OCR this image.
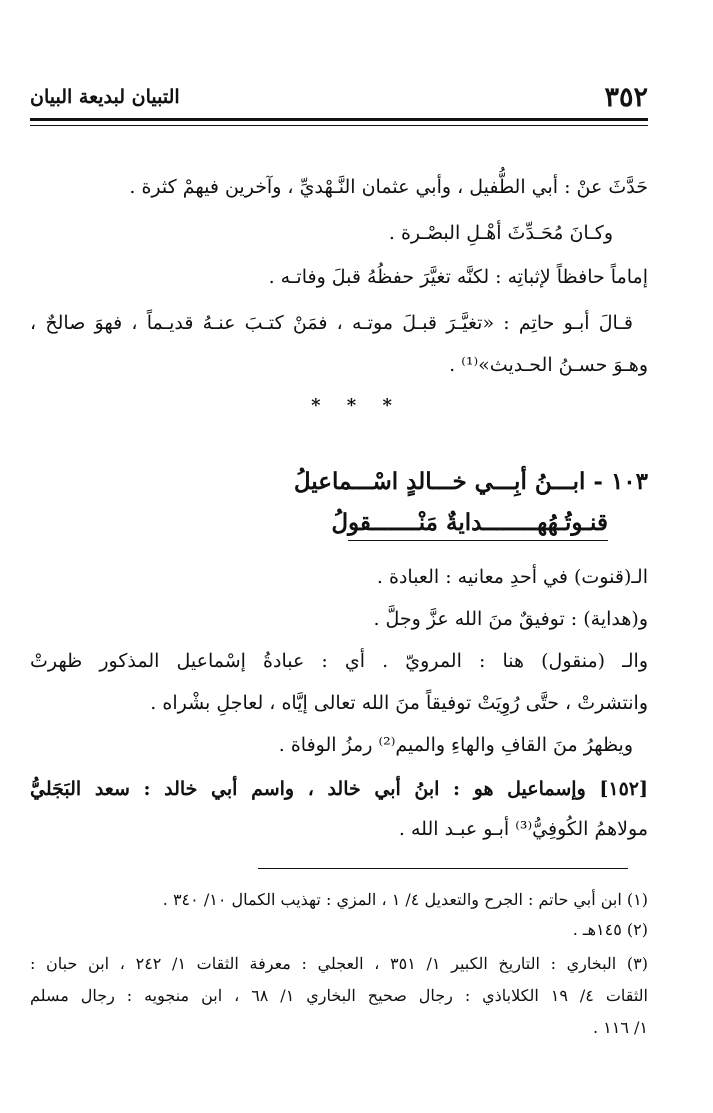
٣٥٢
التبيان لبديعة البيان
حَدَّثَ عنْ : أبي الطُّفيل ، وأبي عثمان النَّـهْديِّ ، وآخرين فيهمْ كثرة .
وكـانَ مُحَـدِّثَ أهْـلِ البصْـرة .
إماماً حافظاً لإثباتِه : لكنَّه تغيَّرَ حفظُهُ قبلَ وفاتـه .
قـالَ أبـو حاتِم : «تغيَّـرَ قبـلَ موتـه ، فمَنْ كتـبَ عنـهُ قديـماً ، فهوَ صالحٌ ،
وهـوَ حسـنُ الحـديث»⁽¹⁾ .
* * *
١٠٣ - ابـــنُ أبِـــي خـــالدٍ اسْـــماعيلُ
قنـوتُـهُهــــــــدايةٌ مَنْـــــــقولُ
الـ(قنوت) في أحدِ معانيه : العبادة .
و(هداية) : توفيقٌ منَ الله عزَّ وجلَّ .
والـ (منقول) هنا : المرويّ . أي : عبادةُ إسْماعيل المذكور ظهرتْ
وانتشرتْ ، حتَّى رُوِيَتْ توفيقاً منَ الله تعالى إيَّاه ، لعاجلِ بشْراه .
ويظهرُ منَ القافِ والهاءِ والميم⁽²⁾ رمزُ الوفاة .
[١٥٢] وإسماعيل هو : ابنُ أبي خالد ، واسم أبي خالد : سعد البَجَليُّ
مولاهمُ الكُوفِيُّ⁽³⁾ أبـو عبـد الله .
(١) ابن أبي حاتم : الجرح والتعديل ٤/ ١ ، المزي : تهذيب الكمال ١٠/ ٣٤٠ .
(٢) ١٤٥هـ .
(٣) البخاري : التاريخ الكبير ١/ ٣٥١ ، العجلي : معرفة الثقات ١/ ٢٤٢ ، ابن حبان :
الثقات ٤/ ١٩ الكلاباذي : رجال صحيح البخاري ١/ ٦٨ ، ابن منجويه : رجال مسلم
١/ ١١٦ .
